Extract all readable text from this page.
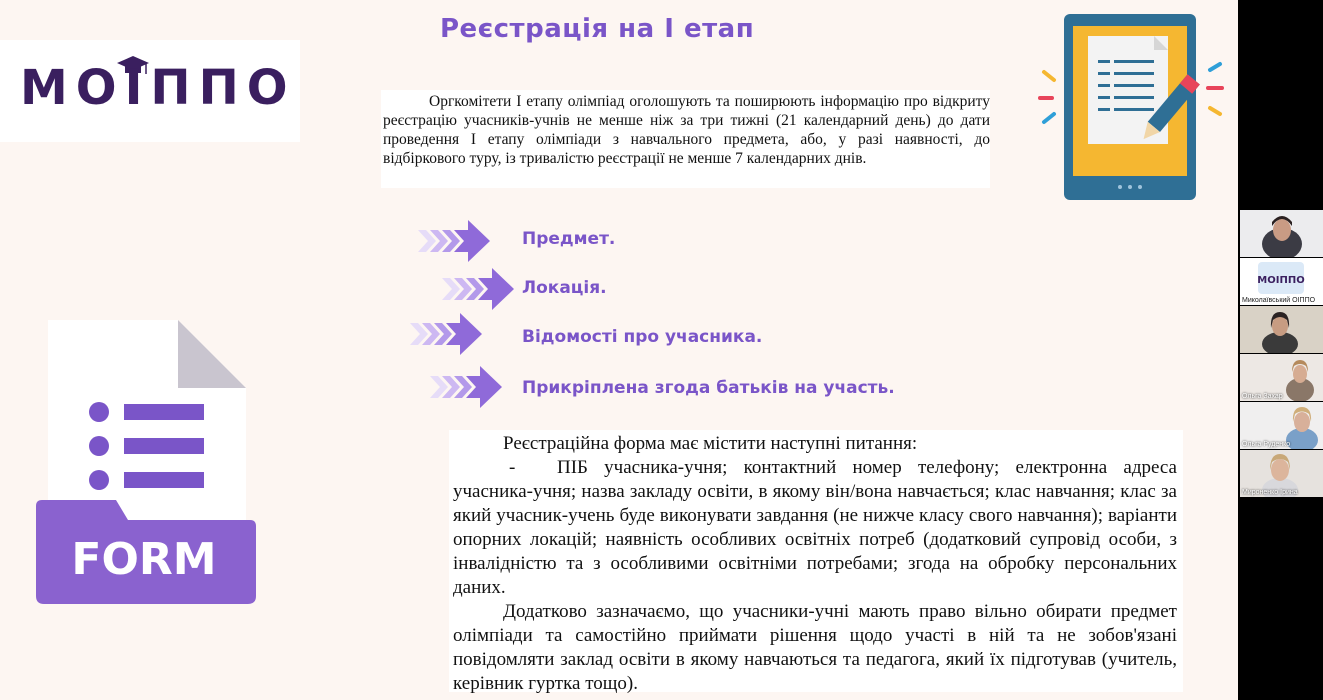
Реєстрація на І етап
МОІППО	Оргкомітети І етапу олімпіад оголошують та поширюють інформацію про відкриту реєстрацію учасників-учнів не менше ніж за три тижні (21 календарний день) до дати проведення І етапу олімпіади з навчального предмета, або, у разі наявності, до відбіркового туру, із тривалістю реєстрації не менше 7 календарних днів.

Предмет.
Локація.
Відомості про учасника.
Прикріплена згода батьків на участь.
FORM

Реєстраційна форма має містити наступні питання:

- ПІБ учасника-учня; контактний номер телефону; електронна адреса учасника-учня; назва закладу освіти, в якому він/вона навчається; клас навчання; клас за який учасник-учень буде виконувати завдання (не нижче класу свого навчання); варіанти опорних локацій; наявність особливих освітніх потреб (додатковий супровід особи, з інвалідністю та з особливими освітніми потребами; згода на обробку персональних даних.

Додатково зазначаємо, що учасники-учні мають право вільно обирати предмет олімпіади та самостійно приймати рішення щодо участі в ній та не зобов'язані повідомляти заклад освіти в якому навчаються та педагога, який їх підготував (учитель, керівник гуртка тощо).

МОІППО
Миколаївський ОІППО
Ольга Захар
Ольга Руденко
Мироненко Ірина
